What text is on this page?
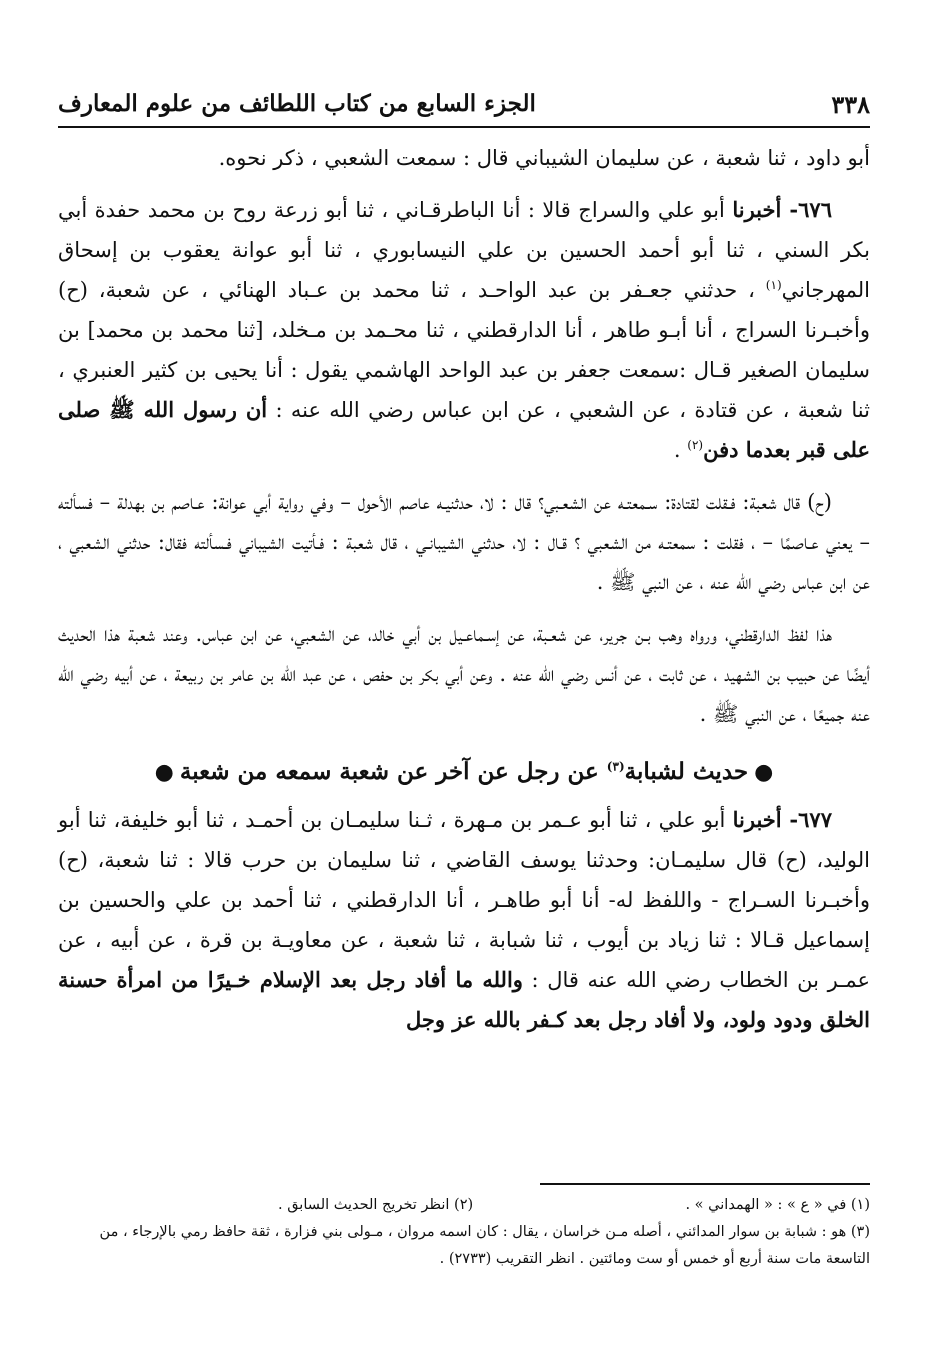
٣٣٨
الجزء السابع من كتاب اللطائف من علوم المعارف

أبو داود ، ثنا شعبة ، عن سليمان الشيباني قال : سمعت الشعبي ، ذكر نحوه.

٦٧٦- أخبرنا أبو علي والسراج قالا : أنا الباطرقـاني ، ثنا أبو زرعة روح بن محمد حفدة أبي بكر السني ، ثنا أبو أحمد الحسين بن علي النيسابوري ، ثنا أبو عوانة يعقوب بن إسحاق المهرجاني$^{(١)}$ ، حدثني جعـفر بن عبد الواحـد ، ثنا محمد بن عـباد الهنائي ، عن شعبة، (ح) وأخبـرنا السراج ، أنا أبـو طاهر ، أنا الدارقطني ، ثنا محـمد بن مـخلد، [ثنا محمد بن محمد] بن سليمان الصغير قـال :سمعت جعفر بن عبد الواحد الهاشمي يقول : أنا يحيى بن كثير العنبري ، ثنا شعبة ، عن قتادة ، عن الشعبي ، عن ابن عباس رضي الله عنه : أن رسول الله ﷺ صلى على قبر بعدما دفن$^{(٢)}$ .

(ح) قال شعبة: فـقلت لقتادة: سـمعتـه عن الشعـبي؟ قال : لا، حدثنيـه عاصم الأحول – وفي رواية أبي عوانة: عـاصم بن بهدلة – فسألته – يعني عـاصمًا – ، فقلت : سمعتـه من الشعبي ؟ قـال : لا، حدثني الشيبانـي ، قال شعبة : فـأتيت الشيباني فـسألته فقال: حدثني الشعبي ، عن ابن عباس رضي الله عنه ، عن النبي ﷺ .

هذا لفظ الدارقطني، ورواه وهب بـن جرير، عن شعـبة، عن إسـماعـيل بن أبي خالد، عن الشعبي، عن ابن عباس. وعند شعبة هذا الحديث أيضًا عن حبيب بن الشهيد ، عن ثابت ، عن أنس رضي الله عنه . وعن أبي بكر بن حفص ، عن عبد الله بن عامر بن ربيعة ، عن أبيه رضي الله عنه جميعًا ، عن النبي ﷺ .

●حديث لشبابة$^{(٣)}$ عن رجل عن آخر عن شعبة سمعه من شعبة●

٦٧٧- أخبرنا أبو علي ، ثنا أبو عـمر بن مـهرة ، ثـنا سليمـان بن أحمـد ، ثنا أبو خليفة، ثنا أبو الوليد، (ح) قال سليمـان: وحدثنا يوسف القاضي ، ثنا سليمان بن حرب قالا : ثنا شعبة، (ح) وأخبـرنا السـراج - واللفظ له- أنا أبو طاهـر ، أنا الدارقطني ، ثنا أحمد بن علي والحسين بن إسماعيل قـالا : ثنا زياد بن أيوب ، ثنا شبابة ، ثنا شعبة ، عن معاويـة بن قرة ، عن أبيه ، عن عمـر بن الخطاب رضي الله عنه قال : والله ما أفاد رجل بعد الإسلام خـيرًا من امرأة حسنة الخلق ودود ولود، ولا أفاد رجل بعد كـفر بالله عز وجل

(١) في « ع » : « الهمداني » .
(٢) انظر تخريج الحديث السابق .
(٣) هو : شبابة بن سوار المدائني ، أصله مـن خراسان ، يقال : كان اسمه مروان ، مـولى بني فزارة ، ثقة حافظ رمي بالإرجاء ، من التاسعة مات سنة أربع أو خمس أو ست ومائتين . انظر التقريب (٢٧٣٣) .
